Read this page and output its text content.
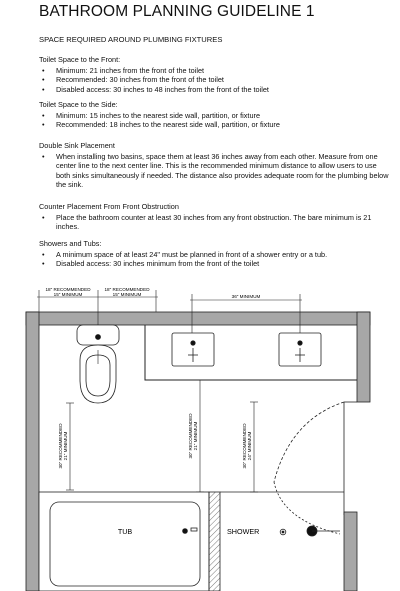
BATHROOM PLANNING GUIDELINE 1
SPACE REQUIRED AROUND PLUMBING FIXTURES
Toilet Space to the Front:
• Minimum: 21 inches from the front of the toilet
• Recommended: 30 inches from the front of the toilet
• Disabled access: 30 inches to 48 inches from the front of the toilet
Toilet Space to the Side:
• Minimum: 15 inches to the nearest side wall, partition, or fixture
• Recommended: 18 inches to the nearest side wall, partition, or fixture
Double Sink Placement
• When installing two basins, space them at least 36 inches away from each other. Measure from one center line to the next center line. This is the recommended minimum distance to allow users to use both sinks simultaneously if needed. The distance also provides adequate room for the plumbing below the sink.
Counter Placement From Front Obstruction
• Place the bathroom counter at least 30 inches from any front obstruction. The bare minimum is 21 inches.
Showers and Tubs:
• A minimum space of at least 24" must be planned in front of a shower entry or a tub.
• Disabled access: 30 inches minimum from the front of the toilet
18" RECOMMENDED
15" MINIMUM
18" RECOMMENDED
15" MINIMUM	36" MINIMUM
30" RECOMMENDED 21" MINIMUM	30" RECOMMENDED 21" MINIMUM	30" RECOMMENDED 24" MINIMUM
TUB	SHOWER
